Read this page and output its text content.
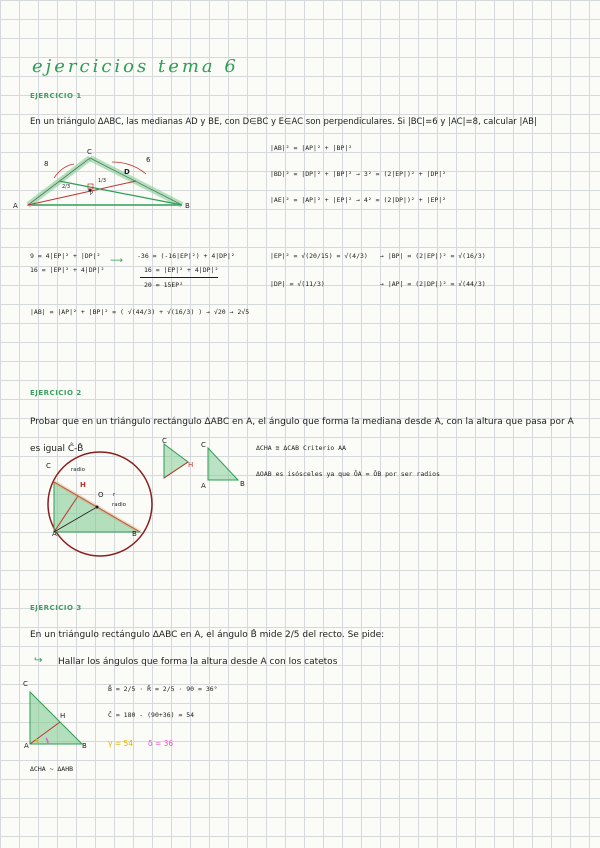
ejercicios tema 6
EJERCICIO 1
En un triángulo ΔABC, las medianas AD y BE, con D∈BC y E∈AC son perpendiculares. Si |BC|=6 y |AC|=8, calcular |AB|
A	B
C
D
P
8	6
2/3
1/3
|AB|² = |AP|² + |BP|²
|BD|² = |DP|² + |BP|² → 3² = (2|EP|)² + |DP|²
|AE|² = |AP|² + |EP|² → 4² = (2|DP|)² + |EP|²
9 = 4|EP|² + |DP|²
16 = |EP|² + 4|DP|²
⟶ -36 = (-16|EP|²) + 4|DP|²
16 = |EP|² + 4|DP|²
20 = 15EP²
|EP|² = √(20/15) = √(4/3) → |BP| = (2|EP|)² = √(16/3)
|DP| = √(11/3)	→ |AP| = (2|DP|)² = √(44/3)
|AB| = |AP|² + |BP|² = ( √(44/3) + √(16/3) ) → √20 → 2√5
EJERCICIO 2
Probar que en un triángulo rectángulo ΔABC en A, el ángulo que forma la mediana desde A, con la altura que pasa por A
es igual Ĉ-B̂
C
H
C
A	B
ΔCHA ≅ ΔCAB Criterio AA
ΔOAB es isósceles ya que ŌA = ŌB por ser radios
C
A	B
H
O
radio
radio
r
EJERCICIO 3
En un triángulo rectángulo ΔABC en A, el ángulo B̂ mide 2/5 del recto. Se pide:
↪ Hallar los ángulos que forma la altura desde A con los catetos
C
A	B
H
ΔCHA ~ ΔAHB
B̂ = 2/5 · R̂ = 2/5 · 90 = 36°
Ĉ = 180 - (90+36) = 54
γ = 54 δ = 36
